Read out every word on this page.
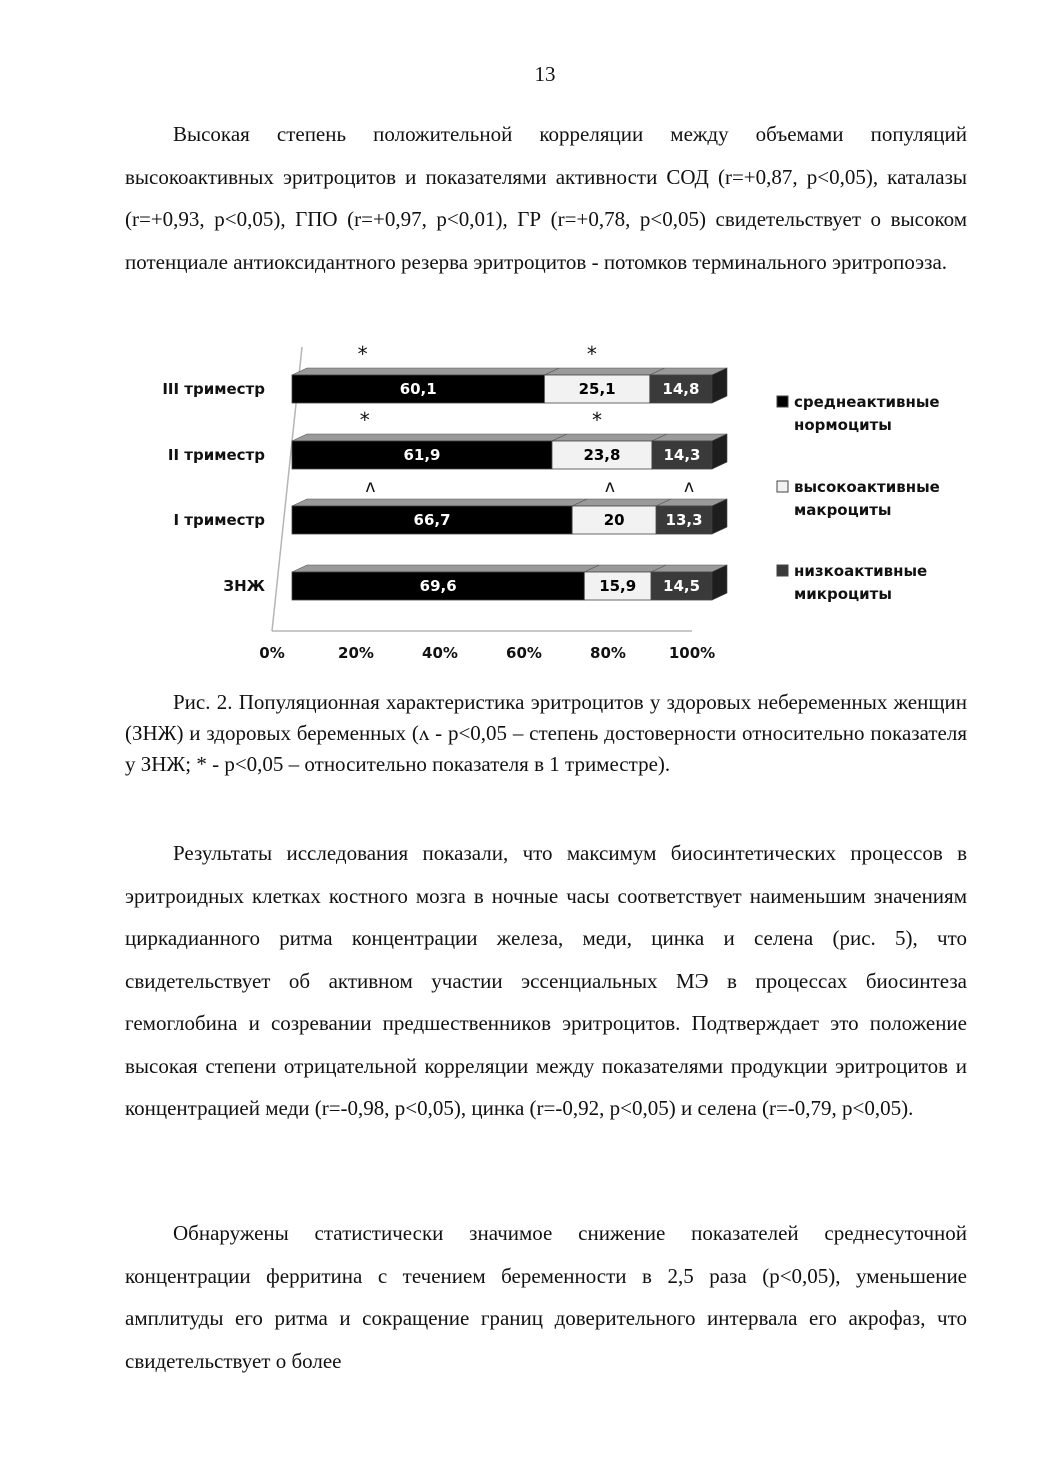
13

Высокая степень положительной корреляции между объемами популяций высокоактивных эритроцитов и показателями активности СОД (r=+0,87, p<0,05), каталазы (r=+0,93, p<0,05), ГПО (r=+0,97, p<0,01), ГР (r=+0,78, p<0,05) свидетельствует о высоком потенциале антиоксидантного резерва эритроцитов - потомков терминального эритропоэза.

0%	20%	40%	60%	80%	100%
III триместр	60,1
*
25,1
*
14,8
II триместр	61,9
*
23,8
*
14,3
I триместр	66,7
ʌ
20
ʌ
13,3
ʌ
ЗНЖ	69,6	15,9 14,5
среднеактивные
нормоциты
высокоактивные
макроциты
низкоактивные
микроциты

Рис. 2. Популяционная характеристика эритроцитов у здоровых небеременных женщин (ЗНЖ) и здоровых беременных (ʌ - p<0,05 – степень достоверности относительно показателя у ЗНЖ; * - p<0,05 – относительно показателя в 1 триместре).

Результаты исследования показали, что максимум биосинтетических процессов в эритроидных клетках костного мозга в ночные часы соответствует наименьшим значениям циркадианного ритма концентрации железа, меди, цинка и селена (рис. 5), что свидетельствует об активном участии эссенциальных МЭ в процессах биосинтеза гемоглобина и созревании предшественников эритроцитов. Подтверждает это положение высокая степени отрицательной корреляции между показателями продукции эритроцитов и концентрацией меди (r=-0,98, p<0,05), цинка (r=-0,92, p<0,05) и селена (r=-0,79, p<0,05).

Обнаружены статистически значимое снижение показателей среднесуточной концентрации ферритина с течением беременности в 2,5 раза (p<0,05), уменьшение амплитуды его ритма и сокращение границ доверительного интервала его акрофаз, что свидетельствует о более
